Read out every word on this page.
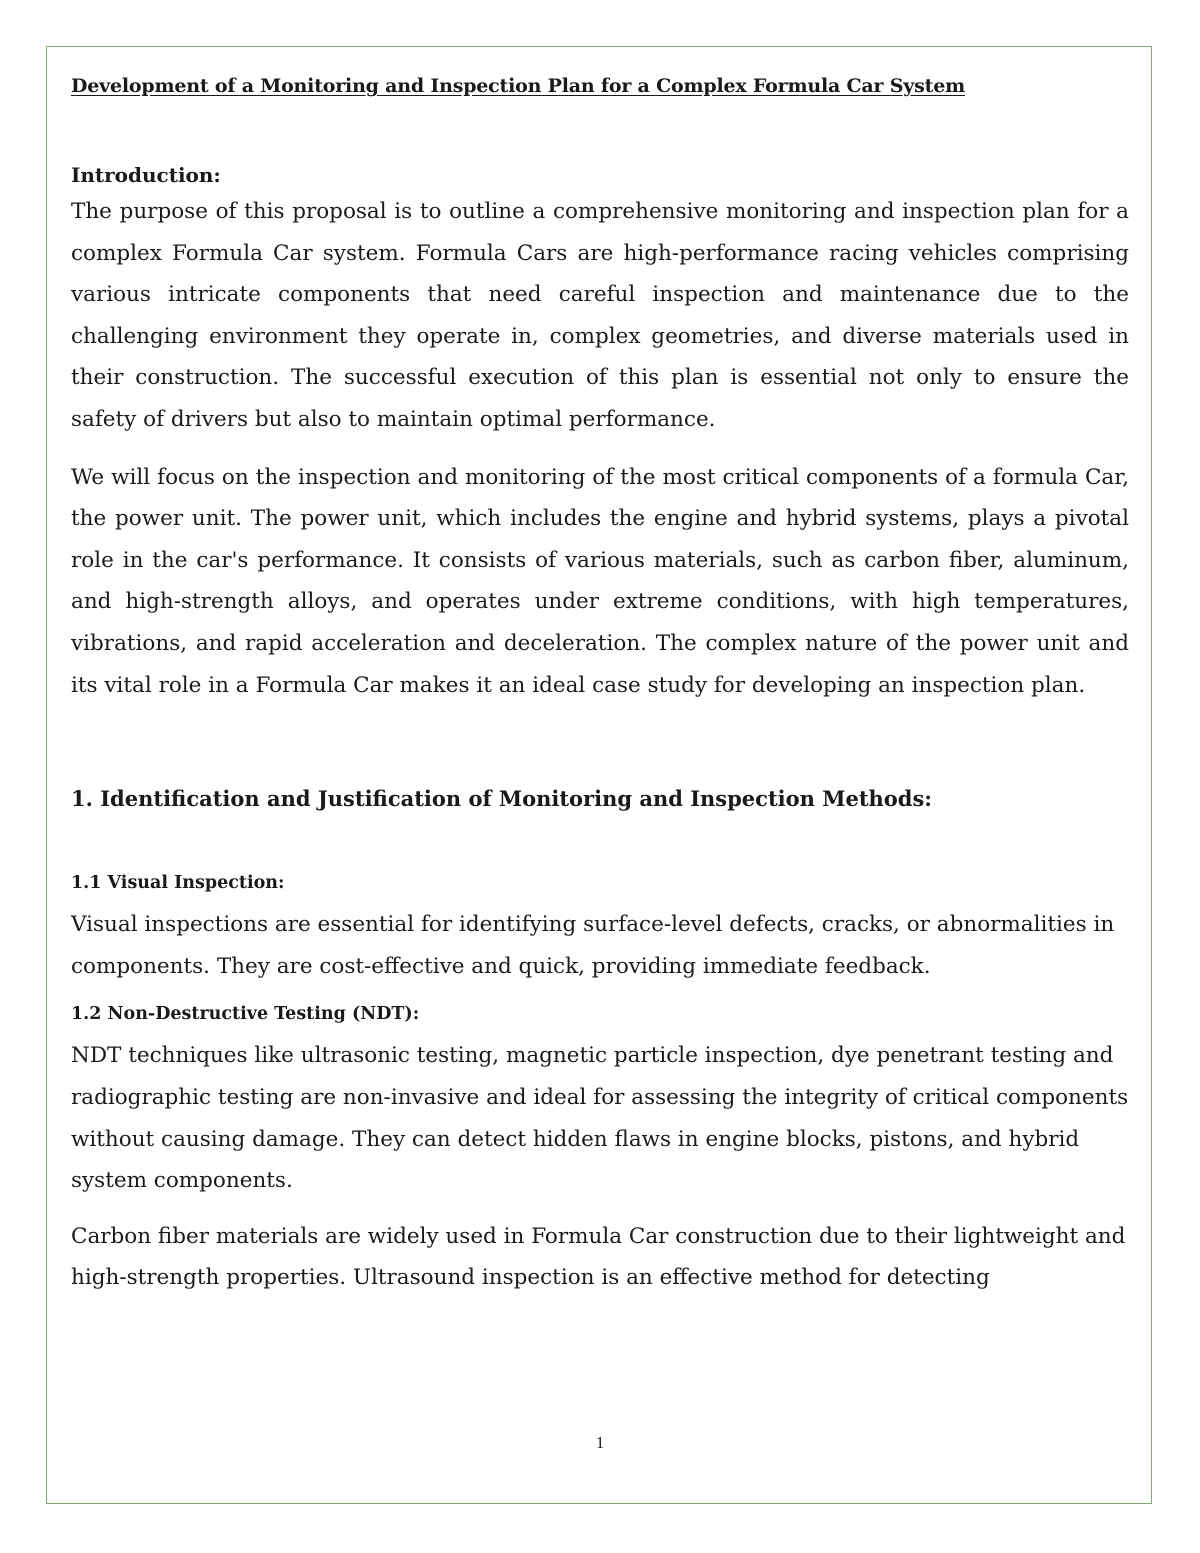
Development of a Monitoring and Inspection Plan for a Complex Formula Car System
Introduction:

The purpose of this proposal is to outline a comprehensive monitoring and inspection plan for a complex Formula Car system. Formula Cars are high-performance racing vehicles comprising various intricate components that need careful inspection and maintenance due to the challenging environment they operate in, complex geometries, and diverse materials used in their construction. The successful execution of this plan is essential not only to ensure the safety of drivers but also to maintain optimal performance.

We will focus on the inspection and monitoring of the most critical components of a formula Car, the power unit. The power unit, which includes the engine and hybrid systems, plays a pivotal role in the car's performance. It consists of various materials, such as carbon fiber, aluminum, and high-strength alloys, and operates under extreme conditions, with high temperatures, vibrations, and rapid acceleration and deceleration. The complex nature of the power unit and its vital role in a Formula Car makes it an ideal case study for developing an inspection plan.

1. Identification and Justification of Monitoring and Inspection Methods:
1.1 Visual Inspection:

Visual inspections are essential for identifying surface-level defects, cracks, or abnormalities in components. They are cost-effective and quick, providing immediate feedback.

1.2 Non-Destructive Testing (NDT):

NDT techniques like ultrasonic testing, magnetic particle inspection, dye penetrant testing and radiographic testing are non-invasive and ideal for assessing the integrity of critical components without causing damage. They can detect hidden flaws in engine blocks, pistons, and hybrid system components.

Carbon fiber materials are widely used in Formula Car construction due to their lightweight and high-strength properties. Ultrasound inspection is an effective method for detecting

1
